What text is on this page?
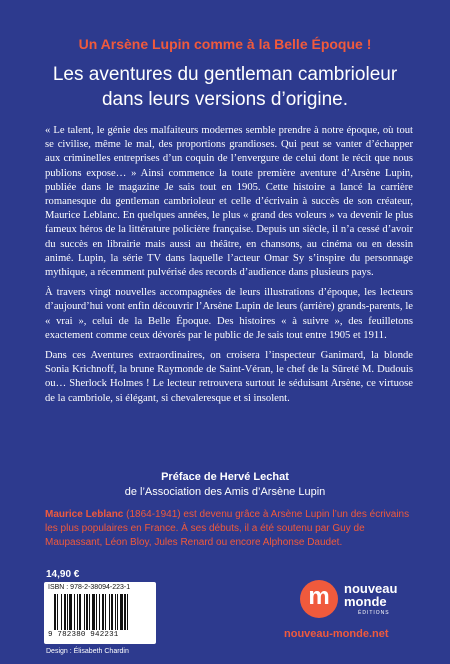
Un Arsène Lupin comme à la Belle Époque !
Les aventures du gentleman cambrioleur dans leurs versions d’origine.

« Le talent, le génie des malfaiteurs modernes semble prendre à notre époque, où tout se civilise, même le mal, des proportions grandioses. Qui peut se vanter d’échapper aux criminelles entreprises d’un coquin de l’envergure de celui dont le récit que nous publions expose… » Ainsi commence la toute première aventure d’Arsène Lupin, publiée dans le magazine Je sais tout en 1905. Cette histoire a lancé la carrière romanesque du gentleman cambrioleur et celle d’écrivain à succès de son créateur, Maurice Leblanc. En quelques années, le plus « grand des voleurs » va devenir le plus fameux héros de la littérature policière française. Depuis un siècle, il n’a cessé d’avoir du succès en librairie mais aussi au théâtre, en chansons, au cinéma ou en dessin animé. Lupin, la série TV dans laquelle l’acteur Omar Sy s’inspire du personnage mythique, a récemment pulvérisé des records d’audience dans plusieurs pays.

À travers vingt nouvelles accompagnées de leurs illustrations d’époque, les lecteurs d’aujourd’hui vont enfin découvrir l’Arsène Lupin de leurs (arrière) grands-parents, le « vrai », celui de la Belle Époque. Des histoires « à suivre », des feuilletons exactement comme ceux dévorés par le public de Je sais tout entre 1905 et 1911.

Dans ces Aventures extraordinaires, on croisera l’inspecteur Ganimard, la blonde Sonia Krichnoff, la brune Raymonde de Saint-Véran, le chef de la Sûreté M. Dudouis ou… Sherlock Holmes ! Le lecteur retrouvera surtout le séduisant Arsène, ce virtuose de la cambriole, si élégant, si chevaleresque et si insolent.

Préface de Hervé Lechat
de l’Association des Amis d’Arsène Lupin
Maurice Leblanc (1864-1941) est devenu grâce à Arsène Lupin l’un des écrivains les plus populaires en France. À ses débuts, il a été soutenu par Guy de Maupassant, Léon Bloy, Jules Renard ou encore Alphonse Daudet.
14,90 €
ISBN : 978-2-38094-223-1
9 782380 942231
Design : Élisabeth Chardin
m	nouveau
monde
ÉDITIONS
nouveau-monde.net
